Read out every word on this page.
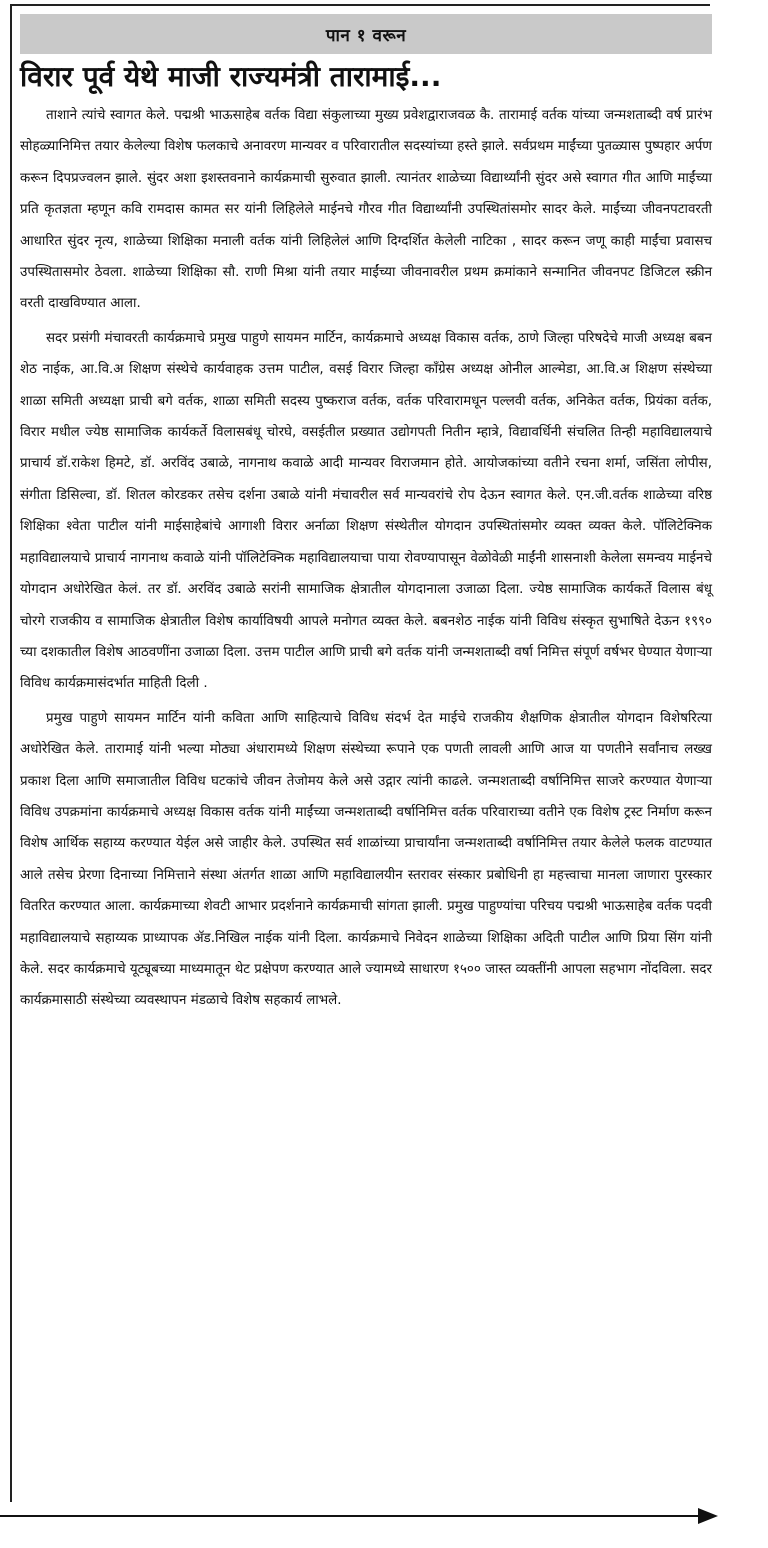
पान १ वरून
विरार पूर्व येथे माजी राज्यमंत्री तारामाई...

ताशाने त्यांचे स्वागत केले. पद्मश्री भाऊसाहेब वर्तक विद्या संकुलाच्या मुख्य प्रवेशद्वाराजवळ कै. तारामाई वर्तक यांच्या जन्मशताब्दी वर्ष प्रारंभ सोहळ्यानिमित्त तयार केलेल्या विशेष फलकाचे अनावरण मान्यवर व परिवारातील सदस्यांच्या हस्ते झाले. सर्वप्रथम माईंच्या पुतळ्यास पुष्पहार अर्पण करून दिपप्रज्वलन झाले. सुंदर अशा इशस्तवनाने कार्यक्रमाची सुरुवात झाली. त्यानंतर शाळेच्या विद्यार्थ्यांनी सुंदर असे स्वागत गीत आणि माईंच्या प्रति कृतज्ञता म्हणून कवि रामदास कामत सर यांनी लिहिलेले माईनचे गौरव गीत विद्यार्थ्यांनी उपस्थितांसमोर सादर केले. माईंच्या जीवनपटावरती आधारित सुंदर नृत्य, शाळेच्या शिक्षिका मनाली वर्तक यांनी लिहिलेलं आणि दिग्दर्शित केलेली नाटिका , सादर करून जणू काही माईंचा प्रवासच उपस्थितासमोर ठेवला. शाळेच्या शिक्षिका सौ. राणी मिश्रा यांनी तयार माईंच्या जीवनावरील प्रथम क्रमांकाने सन्मानित जीवनपट डिजिटल स्क्रीन वरती दाखविण्यात आला.

सदर प्रसंगी मंचावरती कार्यक्रमाचे प्रमुख पाहुणे सायमन मार्टिन, कार्यक्रमाचे अध्यक्ष विकास वर्तक, ठाणे जिल्हा परिषदेचे माजी अध्यक्ष बबन शेठ नाईक, आ.वि.अ शिक्षण संस्थेचे कार्यवाहक उत्तम पाटील, वसई विरार जिल्हा काँग्रेस अध्यक्ष ओनील आल्मेडा, आ.वि.अ शिक्षण संस्थेच्या शाळा समिती अध्यक्षा प्राची बगे वर्तक, शाळा समिती सदस्य पुष्कराज वर्तक, वर्तक परिवारामधून पल्लवी वर्तक, अनिकेत वर्तक, प्रियंका वर्तक, विरार मधील ज्येष्ठ सामाजिक कार्यकर्ते विलासबंधू चोरघे, वसईतील प्रख्यात उद्योगपती नितीन म्हात्रे, विद्यावर्धिनी संचलित तिन्ही महाविद्यालयाचे प्राचार्य डॉ.राकेश हिमटे, डॉ. अरविंद उबाळे, नागनाथ कवाळे आदी मान्यवर विराजमान होते. आयोजकांच्या वतीने रचना शर्मा, जसिंता लोपीस, संगीता डिसिल्वा, डॉ. शितल कोरडकर तसेच दर्शना उबाळे यांनी मंचावरील सर्व मान्यवरांचे रोप देऊन स्वागत केले. एन.जी.वर्तक शाळेच्या वरिष्ठ शिक्षिका श्वेता पाटील यांनी माईसाहेबांचे आगाशी विरार अर्नाळा शिक्षण संस्थेतील योगदान उपस्थितांसमोर व्यक्त व्यक्त केले. पॉलिटेक्निक महाविद्यालयाचे प्राचार्य नागनाथ कवाळे यांनी पॉलिटेक्निक महाविद्यालयाचा पाया रोवण्यापासून वेळोवेळी माईंनी शासनाशी केलेला समन्वय माईनचे योगदान अधोरेखित केलं. तर डॉ. अरविंद उबाळे सरांनी सामाजिक क्षेत्रातील योगदानाला उजाळा दिला. ज्येष्ठ सामाजिक कार्यकर्ते विलास बंधू चोरगे राजकीय व सामाजिक क्षेत्रातील विशेष कार्याविषयी आपले मनोगत व्यक्त केले. बबनशेठ नाईक यांनी विविध संस्कृत सुभाषिते देऊन १९९० च्या दशकातील विशेष आठवणींना उजाळा दिला. उत्तम पाटील आणि प्राची बगे वर्तक यांनी जन्मशताब्दी वर्षा निमित्त संपूर्ण वर्षभर घेण्यात येणाऱ्या विविध कार्यक्रमासंदर्भात माहिती दिली .

प्रमुख पाहुणे सायमन मार्टिन यांनी कविता आणि साहित्याचे विविध संदर्भ देत माईचे राजकीय शैक्षणिक क्षेत्रातील योगदान विशेषरित्या अधोरेखित केले. तारामाई यांनी भल्या मोठ्या अंधारामध्ये शिक्षण संस्थेच्या रूपाने एक पणती लावली आणि आज या पणतीने सर्वांनाच लख्ख प्रकाश दिला आणि समाजातील विविध घटकांचे जीवन तेजोमय केले असे उद्गार त्यांनी काढले. जन्मशताब्दी वर्षानिमित्त साजरे करण्यात येणाऱ्या विविध उपक्रमांना कार्यक्रमाचे अध्यक्ष विकास वर्तक यांनी माईंच्या जन्मशताब्दी वर्षानिमित्त वर्तक परिवाराच्या वतीने एक विशेष ट्रस्ट निर्माण करून विशेष आर्थिक सहाय्य करण्यात येईल असे जाहीर केले. उपस्थित सर्व शाळांच्या प्राचार्यांना जन्मशताब्दी वर्षानिमित्त तयार केलेले फलक वाटण्यात आले तसेच प्रेरणा दिनाच्या निमित्ताने संस्था अंतर्गत शाळा आणि महाविद्यालयीन स्तरावर संस्कार प्रबोधिनी हा महत्त्वाचा मानला जाणारा पुरस्कार वितरित करण्यात आला. कार्यक्रमाच्या शेवटी आभार प्रदर्शनाने कार्यक्रमाची सांगता झाली. प्रमुख पाहुण्यांचा परिचय पद्मश्री भाऊसाहेब वर्तक पदवी महाविद्यालयाचे सहाय्यक प्राध्यापक ॲड.निखिल नाईक यांनी दिला. कार्यक्रमाचे निवेदन शाळेच्या शिक्षिका अदिती पाटील आणि प्रिया सिंग यांनी केले. सदर कार्यक्रमाचे यूट्यूबच्या माध्यमातून थेट प्रक्षेपण करण्यात आले ज्यामध्ये साधारण १५०० जास्त व्यक्तींनी आपला सहभाग नोंदविला. सदर कार्यक्रमासाठी संस्थेच्या व्यवस्थापन मंडळाचे विशेष सहकार्य लाभले.
